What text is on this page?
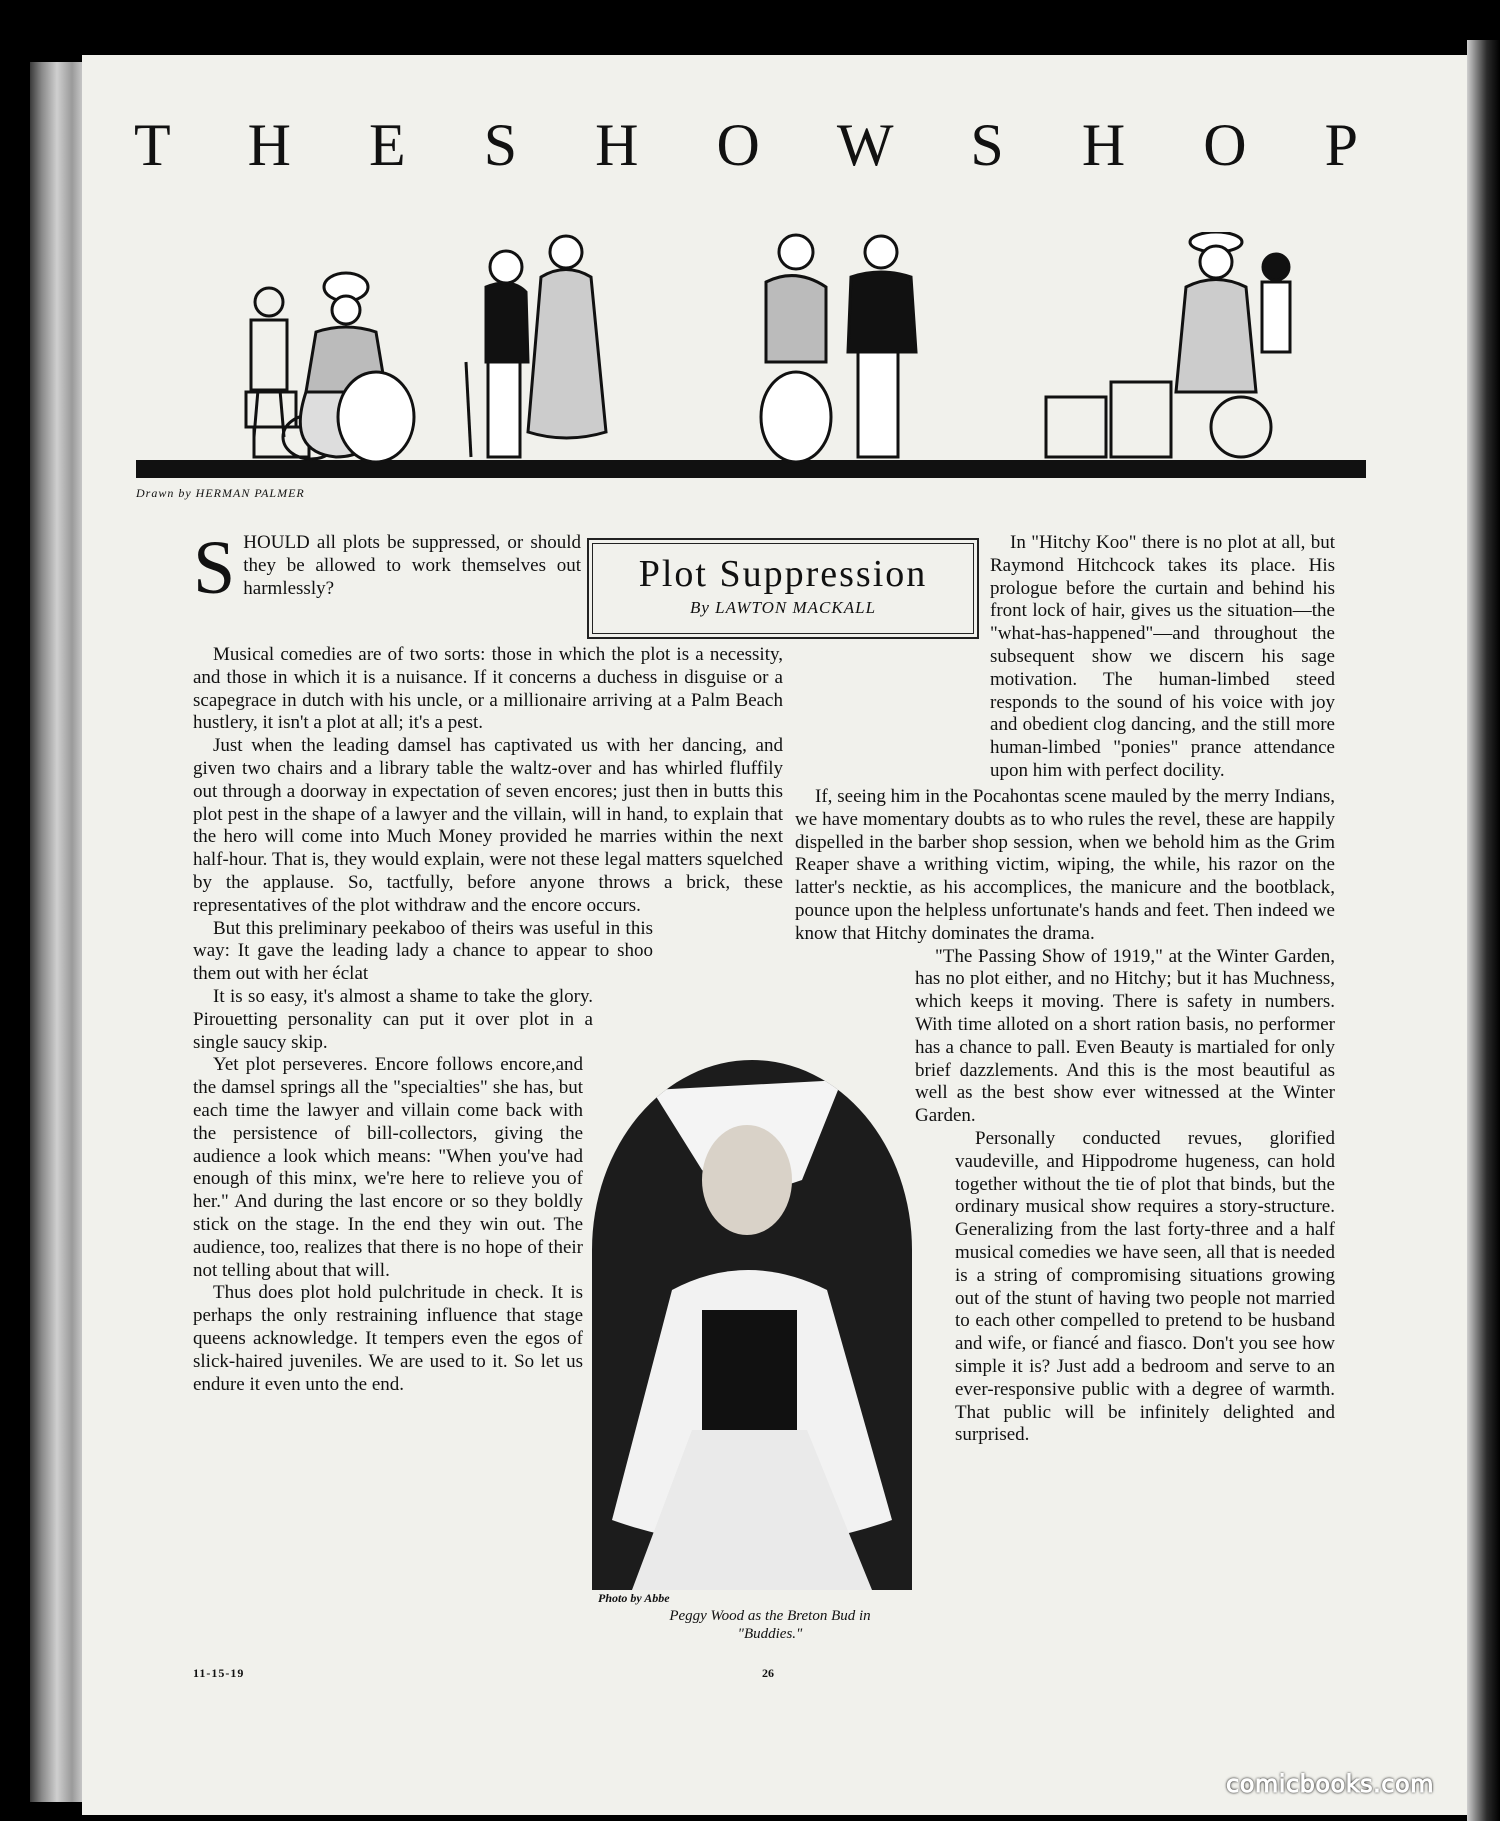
T H E S H O W S H O P
Drawn by HERMAN PALMER

SHOULD all plots be suppressed, or should they be allowed to work themselves out harmlessly?

Musical comedies are of two sorts: those in which the plot is a necessity, and those in which it is a nuisance. If it concerns a duchess in disguise or a scapegrace in dutch with his uncle, or a millionaire arriving at a Palm Beach hustlery, it isn't a plot at all; it's a pest.

Just when the leading damsel has captivated us with her dancing, and given two chairs and a library table the waltz-over and has whirled fluffily out through a doorway in expectation of seven encores; just then in butts this plot pest in the shape of a lawyer and the villain, will in hand, to explain that the hero will come into Much Money provided he marries within the next half-hour. That is, they would explain, were not these legal matters squelched by the applause. So, tactfully, before anyone throws a brick, these representatives of the plot withdraw and the encore occurs.

But this preliminary peekaboo of theirs was useful in this way: It gave the leading lady a chance to appear to shoo them out with her éclat

It is so easy, it's almost a shame to take the glory. Pirouetting personality can put it over plot in a single saucy skip.

Yet plot perseveres. Encore follows encore,and the damsel springs all the "specialties" she has, but each time the lawyer and villain come back with the persistence of bill-collectors, giving the audience a look which means: "When you've had enough of this minx, we're here to relieve you of her." And during the last encore or so they boldly stick on the stage. In the end they win out. The audience, too, realizes that there is no hope of their not telling about that will.

Thus does plot hold pulchritude in check. It is perhaps the only restraining influence that stage queens acknowledge. It tempers even the egos of slick-haired juveniles. We are used to it. So let us endure it even unto the end.

Plot Suppression
By LAWTON MACKALL

In "Hitchy Koo" there is no plot at all, but Raymond Hitchcock takes its place. His prologue before the curtain and behind his front lock of hair, gives us the situation—the "what-has-happened"—and throughout the subsequent show we discern his sage motivation. The human-limbed steed responds to the sound of his voice with joy and obedient clog dancing, and the still more human-limbed "ponies" prance attendance upon him with perfect docility.

If, seeing him in the Pocahontas scene mauled by the merry Indians, we have momentary doubts as to who rules the revel, these are happily dispelled in the barber shop session, when we behold him as the Grim Reaper shave a writhing victim, wiping, the while, his razor on the latter's necktie, as his accomplices, the manicure and the bootblack, pounce upon the helpless unfortunate's hands and feet. Then indeed we know that Hitchy dominates the drama.

"The Passing Show of 1919," at the Winter Garden, has no plot either, and no Hitchy; but it has Muchness, which keeps it moving. There is safety in numbers. With time alloted on a short ration basis, no performer has a chance to pall. Even Beauty is martialed for only brief dazzlements. And this is the most beautiful as well as the best show ever witnessed at the Winter Garden.

Personally conducted revues, glorified vaudeville, and Hippodrome hugeness, can hold together without the tie of plot that binds, but the ordinary musical show requires a story-structure. Generalizing from the last forty-three and a half musical comedies we have seen, all that is needed is a string of compromising situations growing out of the stunt of having two people not married to each other compelled to pretend to be husband and wife, or fiancé and fiasco. Don't you see how simple it is? Just add a bedroom and serve to an ever-responsive public with a degree of warmth. That public will be infinitely delighted and surprised.

Photo by Abbe
Peggy Wood as the Breton Bud in
"Buddies."
11-15-19	26
comicbooks.com
